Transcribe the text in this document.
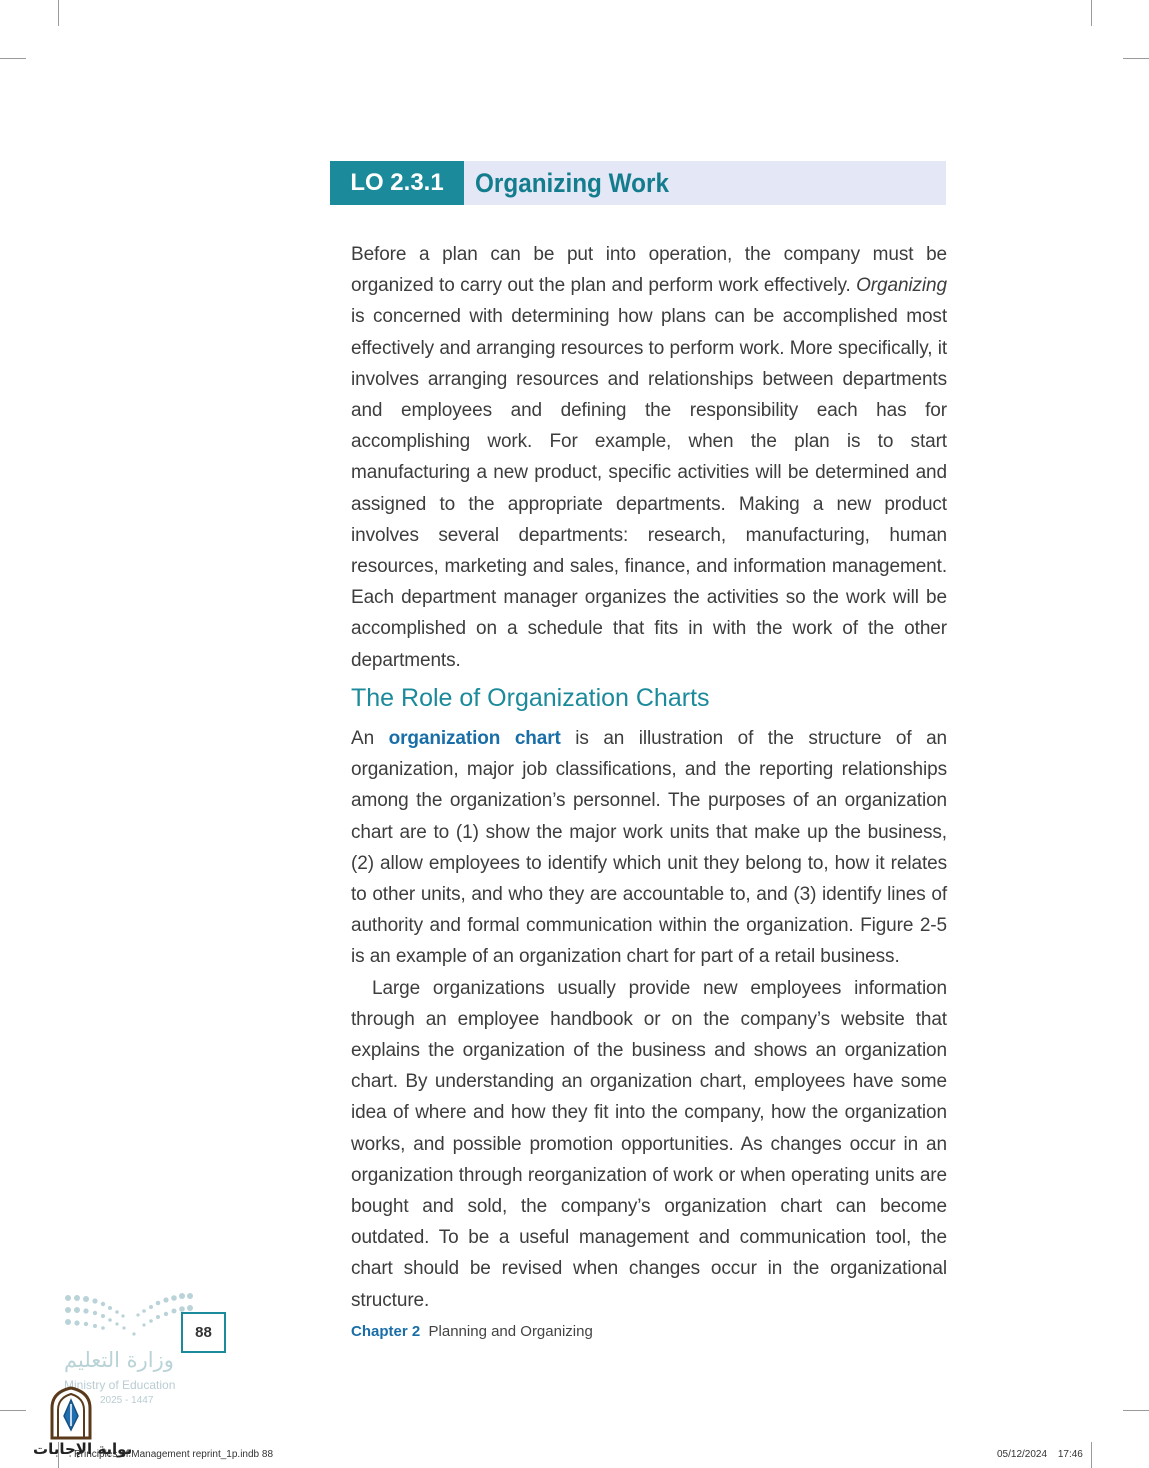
LO 2.3.1	Organizing Work

Before a plan can be put into operation, the company must be organized to carry out the plan and perform work effectively. Organizing is concerned with determining how plans can be accomplished most effectively and arranging resources to perform work. More specifically, it involves arranging resources and relationships between departments and employees and defining the responsibility each has for accomplishing work. For example, when the plan is to start manufacturing a new product, specific activities will be determined and assigned to the appropriate departments. Making a new product involves several departments: research, manufacturing, human resources, marketing and sales, finance, and information management. Each department manager organizes the activities so the work will be accomplished on a schedule that fits in with the work of the other departments.

The Role of Organization Charts

An organization chart is an illustration of the structure of an organization, major job classifications, and the reporting relationships among the organization’s personnel. The purposes of an organization chart are to (1) show the major work units that make up the business, (2) allow employees to identify which unit they belong to, how it relates to other units, and who they are accountable to, and (3) identify lines of authority and formal communication within the organization. Figure 2-5 is an example of an organization chart for part of a retail business.

Large organizations usually provide new employees information through an employee handbook or on the company’s website that explains the organization of the business and shows an organization chart. By understanding an organization chart, employees have some idea of where and how they fit into the company, how the organization works, and possible promotion opportunities. As changes occur in an organization through reorganization of work or when operating units are bought and sold, the company’s organization chart can become outdated. To be a useful management and communication tool, the chart should be revised when changes occur in the organizational structure.

Chapter 2 Planning and Organizing
88
وزارة التعليم
Ministry of Education
2025 - 1447
بوابة الإجابات
Principles of Management reprint_1p.indb 88	05/12/2024 17:46
